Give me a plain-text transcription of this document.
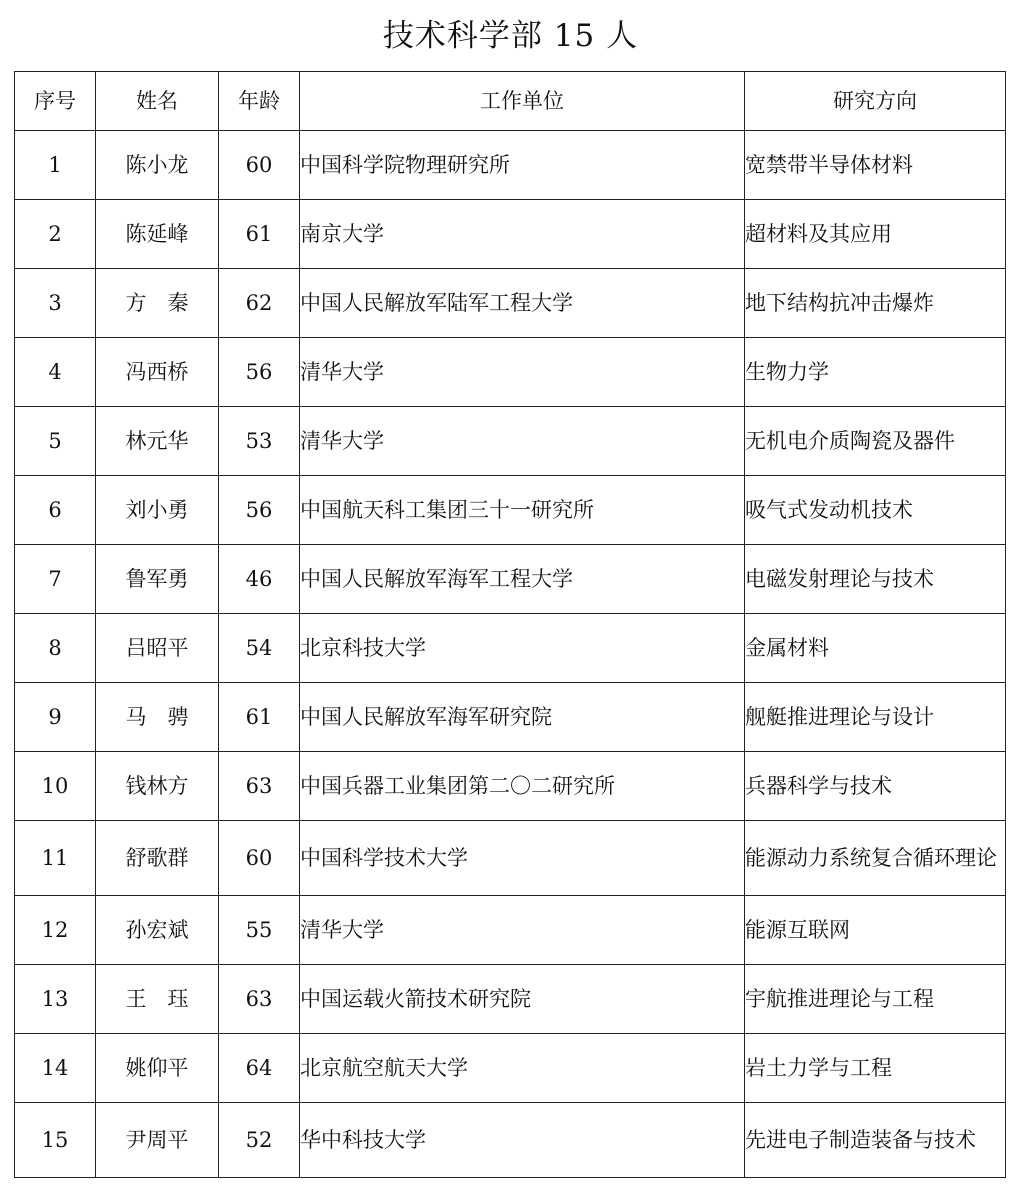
技术科学部 15 人
序号	姓名	年龄	工作单位	研究方向
1	陈小龙	60	中国科学院物理研究所	宽禁带半导体材料
2	陈延峰	61	南京大学	超材料及其应用
3	方　秦	62	中国人民解放军陆军工程大学	地下结构抗冲击爆炸
4	冯西桥	56	清华大学	生物力学
5	林元华	53	清华大学	无机电介质陶瓷及器件
6	刘小勇	56	中国航天科工集团三十一研究所	吸气式发动机技术
7	鲁军勇	46	中国人民解放军海军工程大学	电磁发射理论与技术
8	吕昭平	54	北京科技大学	金属材料
9	马　骋	61	中国人民解放军海军研究院	舰艇推进理论与设计
10	钱林方	63	中国兵器工业集团第二〇二研究所	兵器科学与技术
11	舒歌群	60	中国科学技术大学	能源动力系统复合循环理论
12	孙宏斌	55	清华大学	能源互联网
13	王　珏	63	中国运载火箭技术研究院	宇航推进理论与工程
14	姚仰平	64	北京航空航天大学	岩土力学与工程
15	尹周平	52	华中科技大学	先进电子制造装备与技术
